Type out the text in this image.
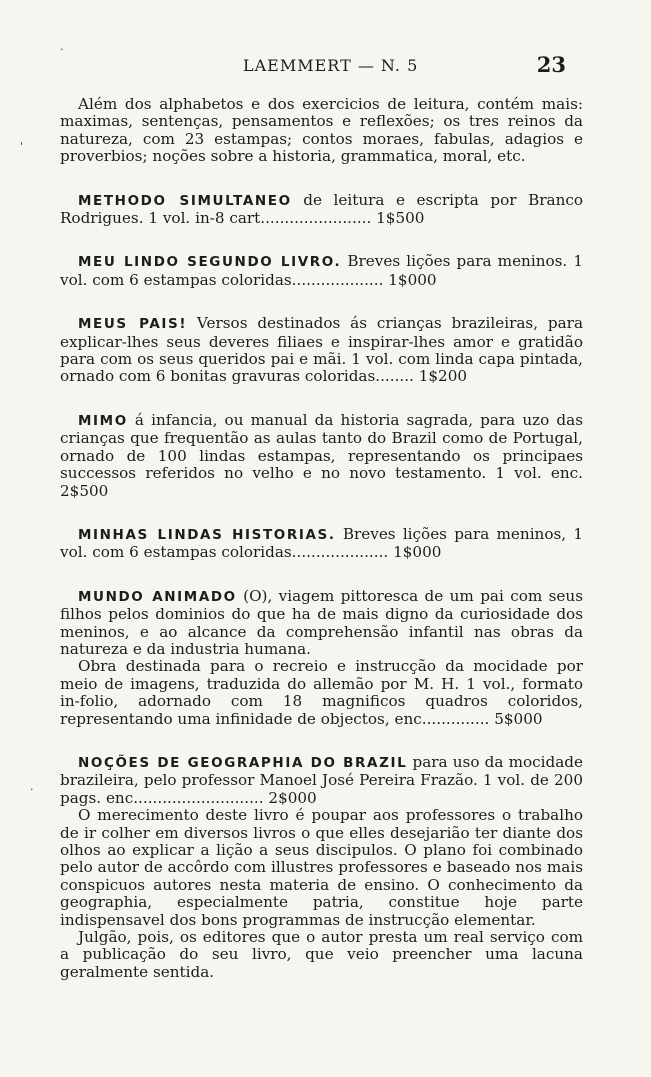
.
'
.
LAEMMERT — N. 5	23

Além dos alphabetos e dos exercicios de leitura, contém mais: maximas, sentenças, pensamentos e reflexões; os tres reinos da natureza, com 23 estampas; contos moraes, fabulas, adagios e proverbios; noções sobre a historia, grammatica, moral, etc.

METHODO SIMULTANEO de leitura e escripta por Branco Rodrigues. 1 vol. in-8 cart....................... 1$500

MEU LINDO SEGUNDO LIVRO. Breves lições para meninos. 1 vol. com 6 estampas coloridas................... 1$000

MEUS PAIS! Versos destinados ás crianças brazileiras, para explicar-lhes seus deveres filiaes e inspirar-lhes amor e gratidão para com os seus queridos pai e mãi. 1 vol. com linda capa pintada, ornado com 6 bonitas gravuras coloridas........ 1$200

MIMO á infancia, ou manual da historia sagrada, para uzo das crianças que frequentão as aulas tanto do Brazil como de Portugal, ornado de 100 lindas estampas, representando os principaes successos referidos no velho e no novo testamento. 1 vol. enc. 2$500

MINHAS LINDAS HISTORIAS. Breves lições para meninos, 1 vol. com 6 estampas coloridas.................... 1$000

MUNDO ANIMADO (O), viagem pittoresca de um pai com seus filhos pelos dominios do que ha de mais digno da curiosidade dos meninos, e ao alcance da comprehensão infantil nas obras da natureza e da industria humana.

Obra destinada para o recreio e instrucção da mocidade por meio de imagens, traduzida do allemão por M. H. 1 vol., formato in-folio, adornado com 18 magnificos quadros coloridos, representando uma infinidade de objectos, enc.............. 5$000

NOÇÕES DE GEOGRAPHIA DO BRAZIL para uso da mocidade brazileira, pelo professor Manoel José Pereira Frazão. 1 vol. de 200 pags. enc........................... 2$000

O merecimento deste livro é poupar aos professores o trabalho de ir colher em diversos livros o que elles desejarião ter diante dos olhos ao explicar a lição a seus discipulos. O plano foi combinado pelo autor de accôrdo com illustres professores e baseado nos mais conspicuos autores nesta materia de ensino. O conhecimento da geographia, especialmente patria, constitue hoje parte indispensavel dos bons programmas de instrucção elementar.

Julgão, pois, os editores que o autor presta um real serviço com a publicação do seu livro, que veio preencher uma lacuna geralmente sentida.
